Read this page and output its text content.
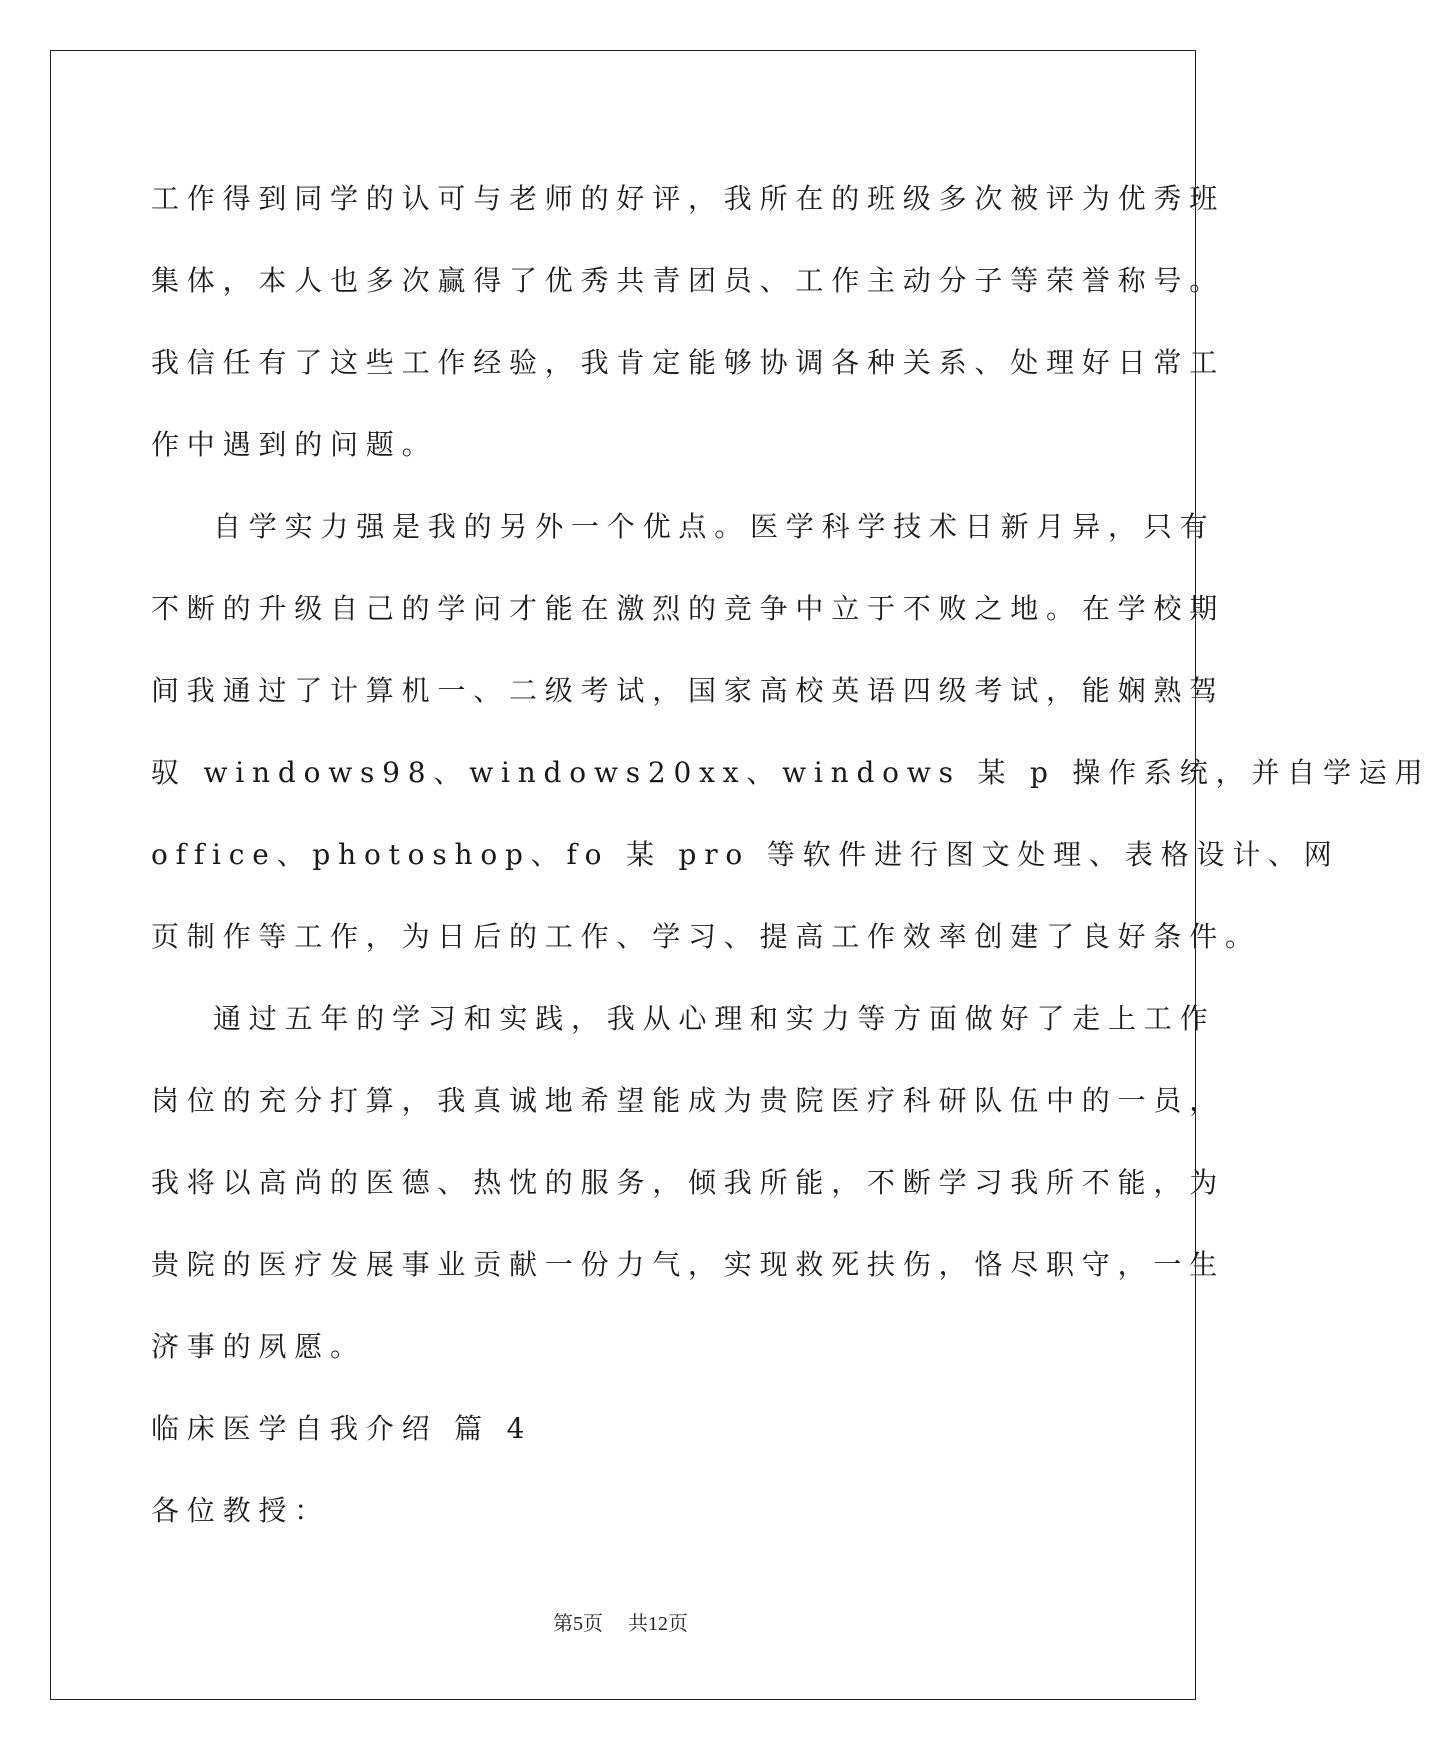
工作得到同学的认可与老师的好评，我所在的班级多次被评为优秀班
集体，本人也多次赢得了优秀共青团员、工作主动分子等荣誉称号。
我信任有了这些工作经验，我肯定能够协调各种关系、处理好日常工
作中遇到的问题。
自学实力强是我的另外一个优点。医学科学技术日新月异，只有
不断的升级自己的学问才能在激烈的竞争中立于不败之地。在学校期
间我通过了计算机一、二级考试，国家高校英语四级考试，能娴熟驾
驭 windows98、windows20xx、windows 某 p 操作系统，并自学运用
office、photoshop、fo 某 pro 等软件进行图文处理、表格设计、网
页制作等工作，为日后的工作、学习、提高工作效率创建了良好条件。
通过五年的学习和实践，我从心理和实力等方面做好了走上工作
岗位的充分打算，我真诚地希望能成为贵院医疗科研队伍中的一员，
我将以高尚的医德、热忱的服务，倾我所能，不断学习我所不能，为
贵院的医疗发展事业贡献一份力气，实现救死扶伤，恪尽职守，一生
济事的夙愿。
临床医学自我介绍 篇 4
各位教授：
第5页 共12页
